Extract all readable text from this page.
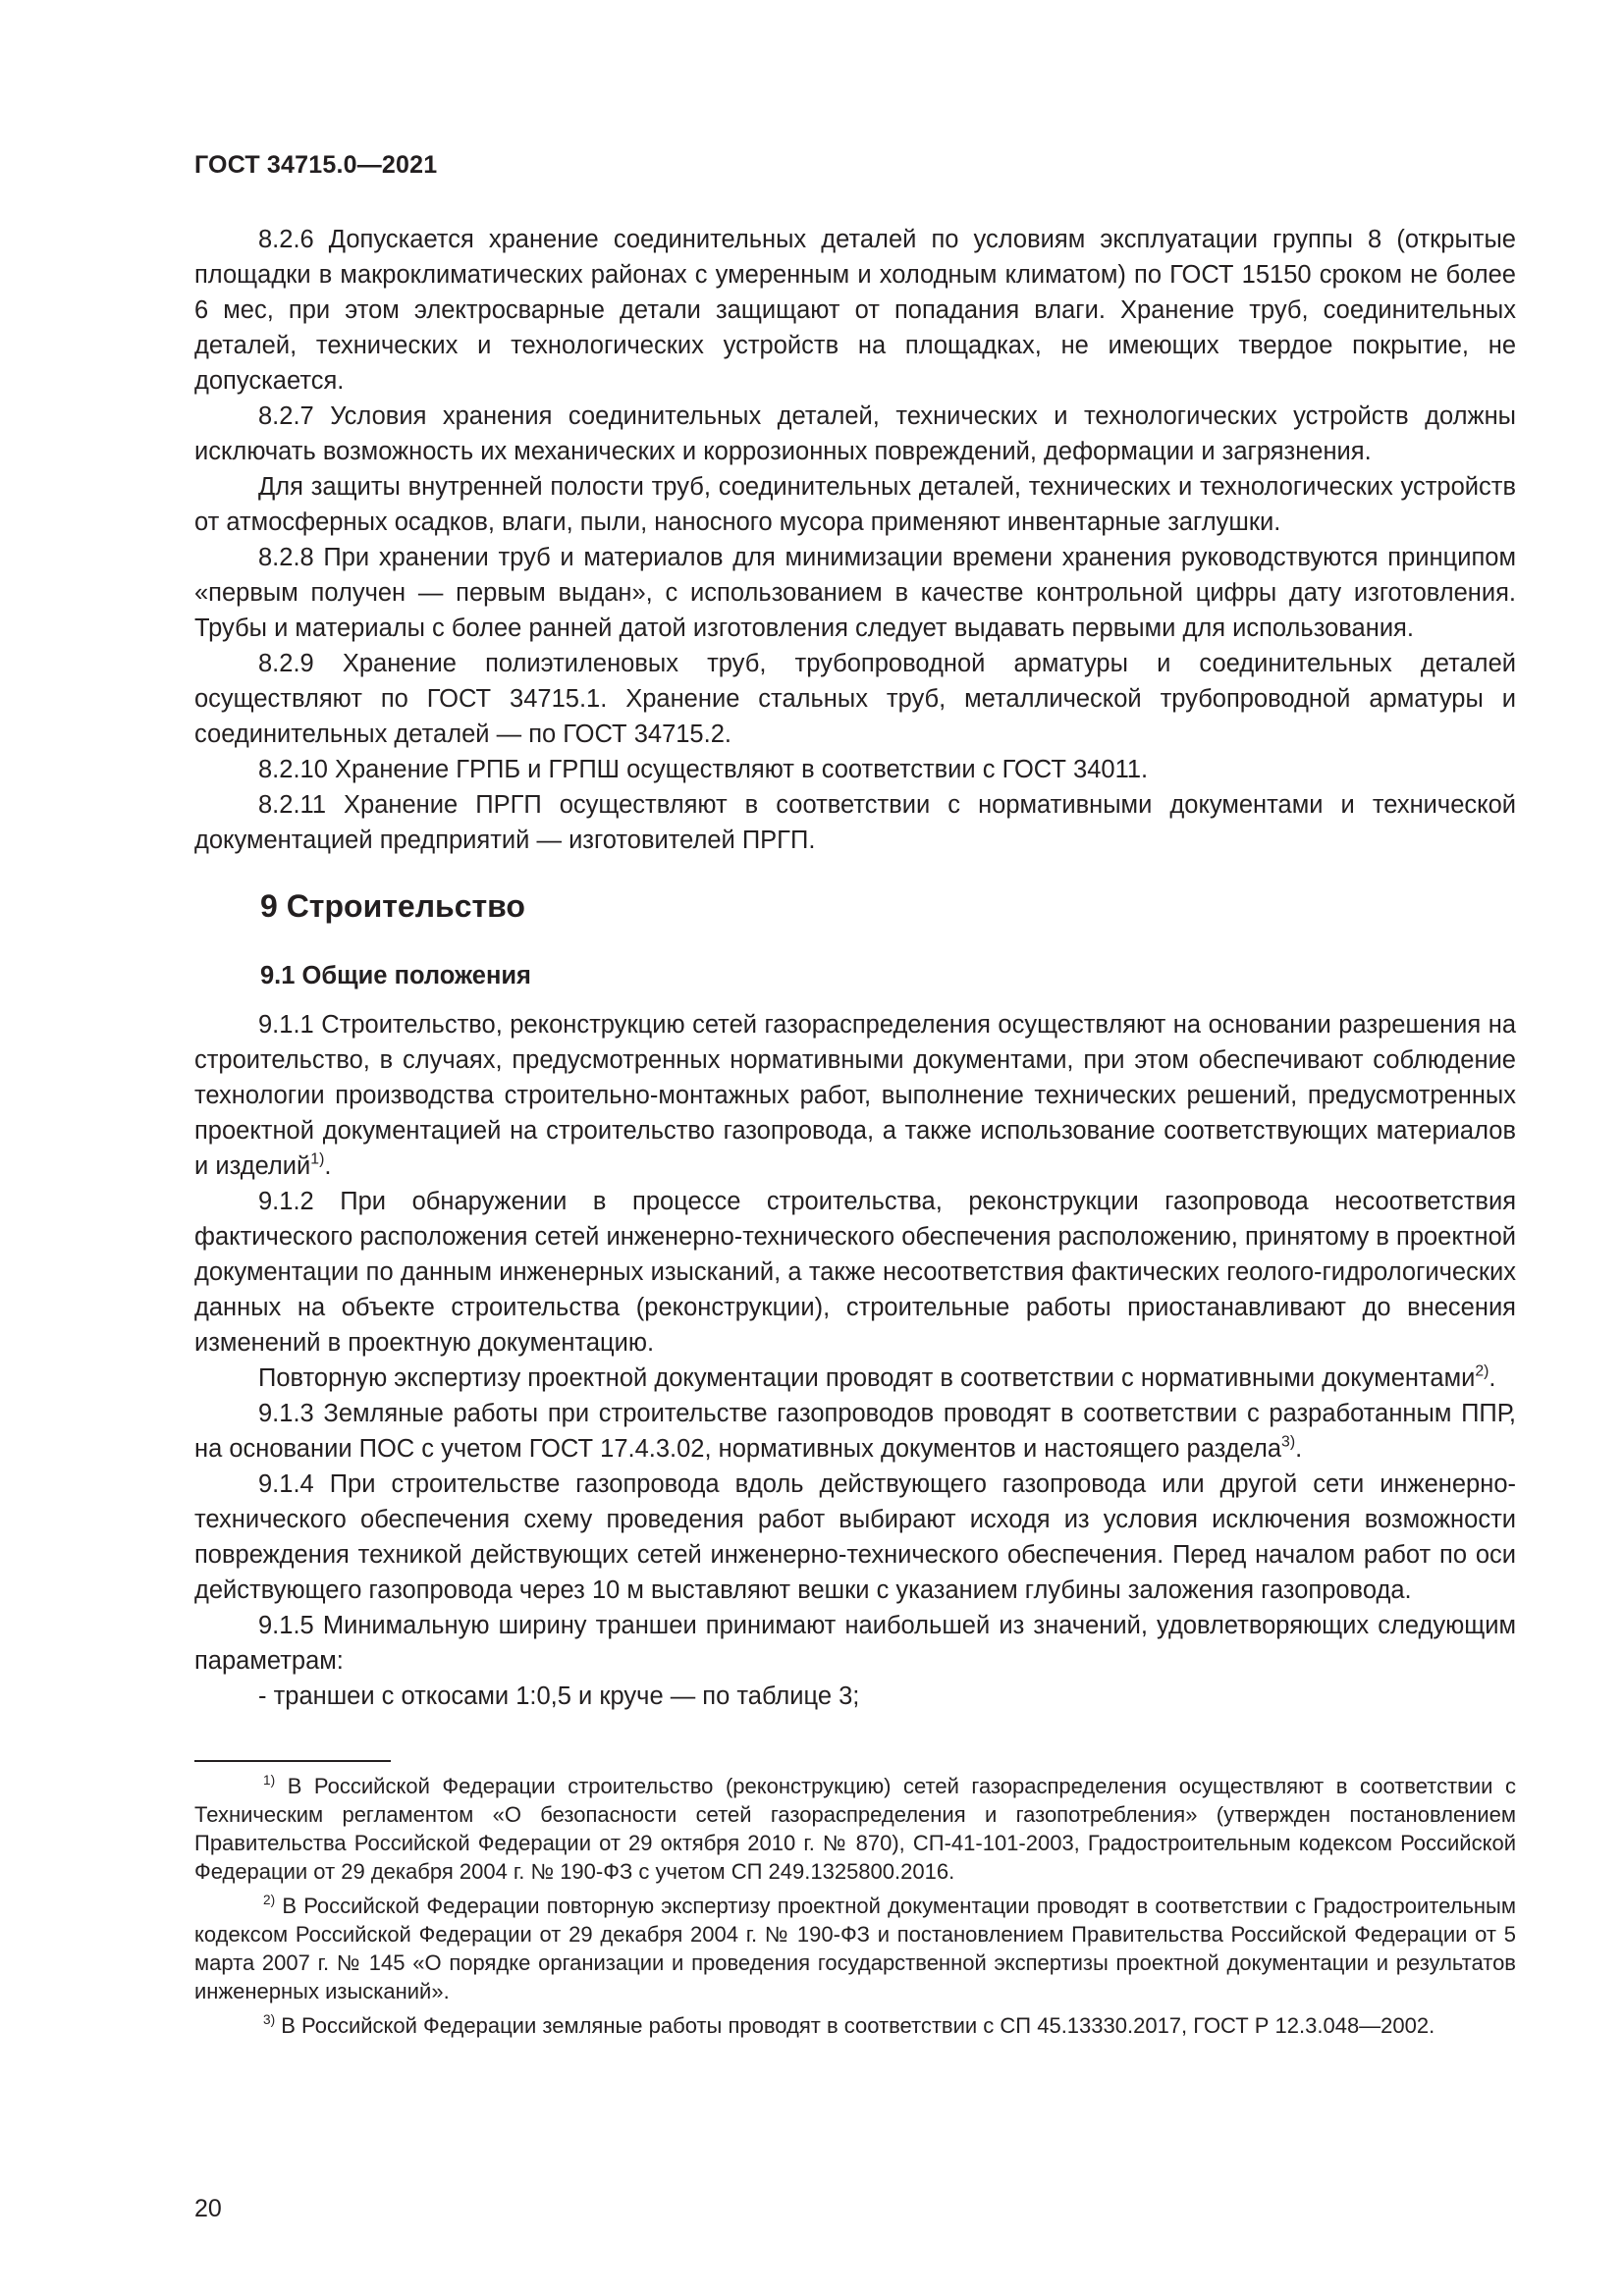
ГОСТ 34715.0—2021

8.2.6 Допускается хранение соединительных деталей по условиям эксплуатации группы 8 (открытые площадки в макроклиматических районах с умеренным и холодным климатом) по ГОСТ 15150 сроком не более 6 мес, при этом электросварные детали защищают от попадания влаги. Хранение труб, соединительных деталей, технических и технологических устройств на площадках, не имеющих твердое покрытие, не допускается.

8.2.7 Условия хранения соединительных деталей, технических и технологических устройств должны исключать возможность их механических и коррозионных повреждений, деформации и загрязнения.

Для защиты внутренней полости труб, соединительных деталей, технических и технологических устройств от атмосферных осадков, влаги, пыли, наносного мусора применяют инвентарные заглушки.

8.2.8 При хранении труб и материалов для минимизации времени хранения руководствуются принципом «первым получен — первым выдан», с использованием в качестве контрольной цифры дату изготовления. Трубы и материалы с более ранней датой изготовления следует выдавать первыми для использования.

8.2.9 Хранение полиэтиленовых труб, трубопроводной арматуры и соединительных деталей осуществляют по ГОСТ 34715.1. Хранение стальных труб, металлической трубопроводной арматуры и соединительных деталей — по ГОСТ 34715.2.

8.2.10 Хранение ГРПБ и ГРПШ осуществляют в соответствии с ГОСТ 34011.

8.2.11 Хранение ПРГП осуществляют в соответствии с нормативными документами и технической документацией предприятий — изготовителей ПРГП.

9 Строительство
9.1 Общие положения

9.1.1 Строительство, реконструкцию сетей газораспределения осуществляют на основании разрешения на строительство, в случаях, предусмотренных нормативными документами, при этом обеспечивают соблюдение технологии производства строительно-монтажных работ, выполнение технических решений, предусмотренных проектной документацией на строительство газопровода, а также использование соответствующих материалов и изделий$^{1)}$.

9.1.2 При обнаружении в процессе строительства, реконструкции газопровода несоответствия фактического расположения сетей инженерно-технического обеспечения расположению, принятому в проектной документации по данным инженерных изысканий, а также несоответствия фактических геолого-гидрологических данных на объекте строительства (реконструкции), строительные работы приостанавливают до внесения изменений в проектную документацию.

Повторную экспертизу проектной документации проводят в соответствии с нормативными документами$^{2)}$.

9.1.3 Земляные работы при строительстве газопроводов проводят в соответствии с разработанным ППР, на основании ПОС с учетом ГОСТ 17.4.3.02, нормативных документов и настоящего раздела$^{3)}$.

9.1.4 При строительстве газопровода вдоль действующего газопровода или другой сети инженерно-технического обеспечения схему проведения работ выбирают исходя из условия исключения возможности повреждения техникой действующих сетей инженерно-технического обеспечения. Перед началом работ по оси действующего газопровода через 10 м выставляют вешки с указанием глубины заложения газопровода.

9.1.5 Минимальную ширину траншеи принимают наибольшей из значений, удовлетворяющих следующим параметрам:

- траншеи с откосами 1:0,5 и круче — по таблице 3;

$^{1)}$ В Российской Федерации строительство (реконструкцию) сетей газораспределения осуществляют в соответствии с Техническим регламентом «О безопасности сетей газораспределения и газопотребления» (утвержден постановлением Правительства Российской Федерации от 29 октября 2010 г. № 870), СП-41-101-2003, Градостроительным кодексом Российской Федерации от 29 декабря 2004 г. № 190-ФЗ с учетом СП 249.1325800.2016.

$^{2)}$ В Российской Федерации повторную экспертизу проектной документации проводят в соответствии с Градостроительным кодексом Российской Федерации от 29 декабря 2004 г. № 190-ФЗ и постановлением Правительства Российской Федерации от 5 марта 2007 г. № 145 «О порядке организации и проведения государственной экспертизы проектной документации и результатов инженерных изысканий».

$^{3)}$ В Российской Федерации земляные работы проводят в соответствии с СП 45.13330.2017, ГОСТ Р 12.3.048—2002.

20
